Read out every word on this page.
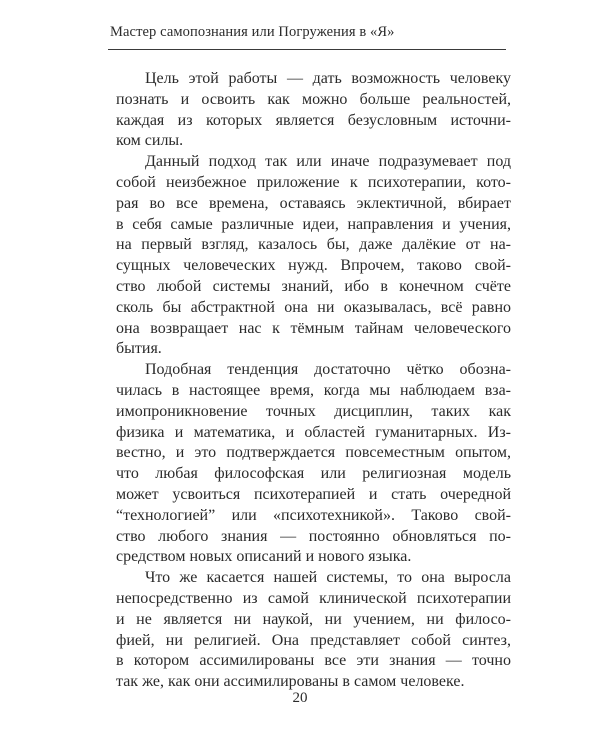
Мастер самопознания или Погружения в «Я»
Цель этой работы — дать возможность человеку
познать и освоить как можно больше реальностей,
каждая из которых является безусловным источни-
ком силы.
Данный подход так или иначе подразумевает под
собой неизбежное приложение к психотерапии, кото-
рая во все времена, оставаясь эклектичной, вбирает
в себя самые различные идеи, направления и учения,
на первый взгляд, казалось бы, даже далёкие от на-
сущных человеческих нужд. Впрочем, таково свой-
ство любой системы знаний, ибо в конечном счёте
сколь бы абстрактной она ни оказывалась, всё равно
она возвращает нас к тёмным тайнам человеческого
бытия.
Подобная тенденция достаточно чётко обозна-
чилась в настоящее время, когда мы наблюдаем вза-
имопроникновение точных дисциплин, таких как
физика и математика, и областей гуманитарных. Из-
вестно, и это подтверждается повсеместным опытом,
что любая философская или религиозная модель
может усвоиться психотерапией и стать очередной
“технологией” или «психотехникой». Таково свой-
ство любого знания — постоянно обновляться по-
средством новых описаний и нового языка.
Что же касается нашей системы, то она выросла
непосредственно из самой клинической психотерапии
и не является ни наукой, ни учением, ни филосо-
фией, ни религией. Она представляет собой синтез,
в котором ассимилированы все эти знания — точно
так же, как они ассимилированы в самом человеке.
20
